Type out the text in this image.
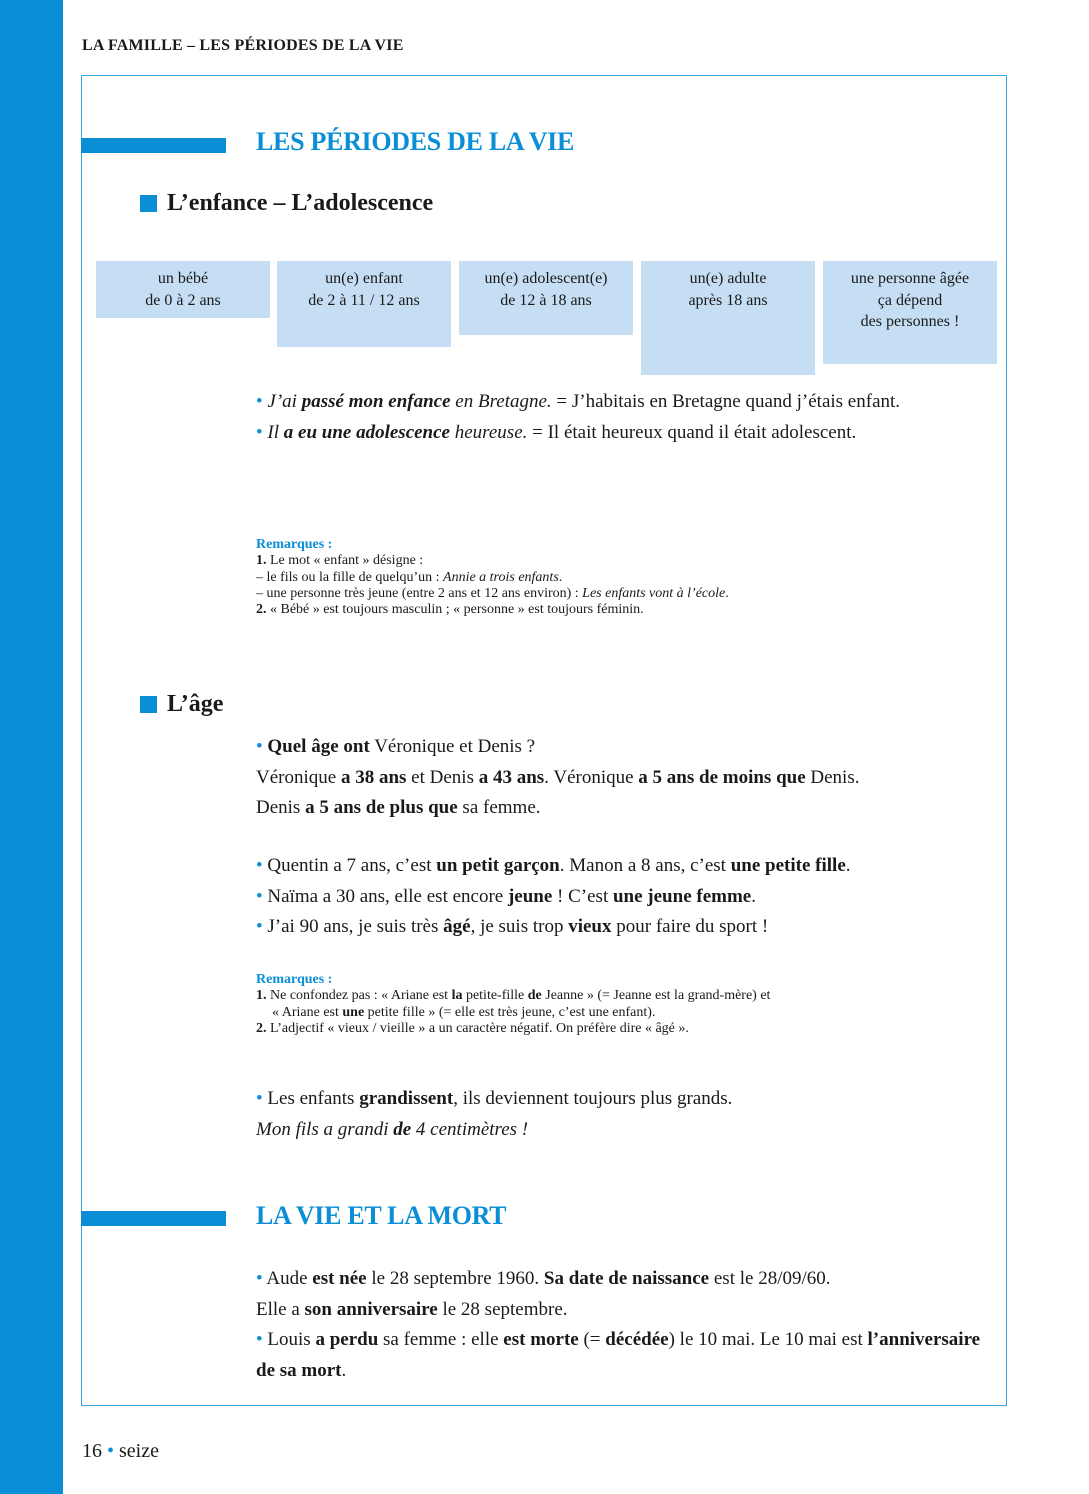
LA FAMILLE – LES PÉRIODES DE LA VIE
LES PÉRIODES DE LA VIE
L’enfance – L’adolescence
un bébé
de 0 à 2 ans
un(e) enfant
de 2 à 11 / 12 ans
un(e) adolescent(e)
de 12 à 18 ans
un(e) adulte
après 18 ans
une personne âgée
ça dépend
des personnes !
• J’ai passé mon enfance en Bretagne. = J’habitais en Bretagne quand j’étais enfant.
• Il a eu une adolescence heureuse. = Il était heureux quand il était adolescent.
Remarques :
1. Le mot « enfant » désigne :
– le fils ou la fille de quelqu’un : Annie a trois enfants.
– une personne très jeune (entre 2 ans et 12 ans environ) : Les enfants vont à l’école.
2. « Bébé » est toujours masculin ; « personne » est toujours féminin.
L’âge
• Quel âge ont Véronique et Denis ?
Véronique a 38 ans et Denis a 43 ans. Véronique a 5 ans de moins que Denis.
Denis a 5 ans de plus que sa femme.
• Quentin a 7 ans, c’est un petit garçon. Manon a 8 ans, c’est une petite fille.
• Naïma a 30 ans, elle est encore jeune ! C’est une jeune femme.
• J’ai 90 ans, je suis très âgé, je suis trop vieux pour faire du sport !
Remarques :
1. Ne confondez pas : « Ariane est la petite-fille de Jeanne » (= Jeanne est la grand-mère) et
« Ariane est une petite fille » (= elle est très jeune, c’est une enfant).
2. L’adjectif « vieux / vieille » a un caractère négatif. On préfère dire « âgé ».
• Les enfants grandissent, ils deviennent toujours plus grands.
Mon fils a grandi de 4 centimètres !
LA VIE ET LA MORT
• Aude est née le 28 septembre 1960. Sa date de naissance est le 28/09/60.
Elle a son anniversaire le 28 septembre.
• Louis a perdu sa femme : elle est morte (= décédée) le 10 mai. Le 10 mai est l’anniversaire de sa mort.
16 • seize
